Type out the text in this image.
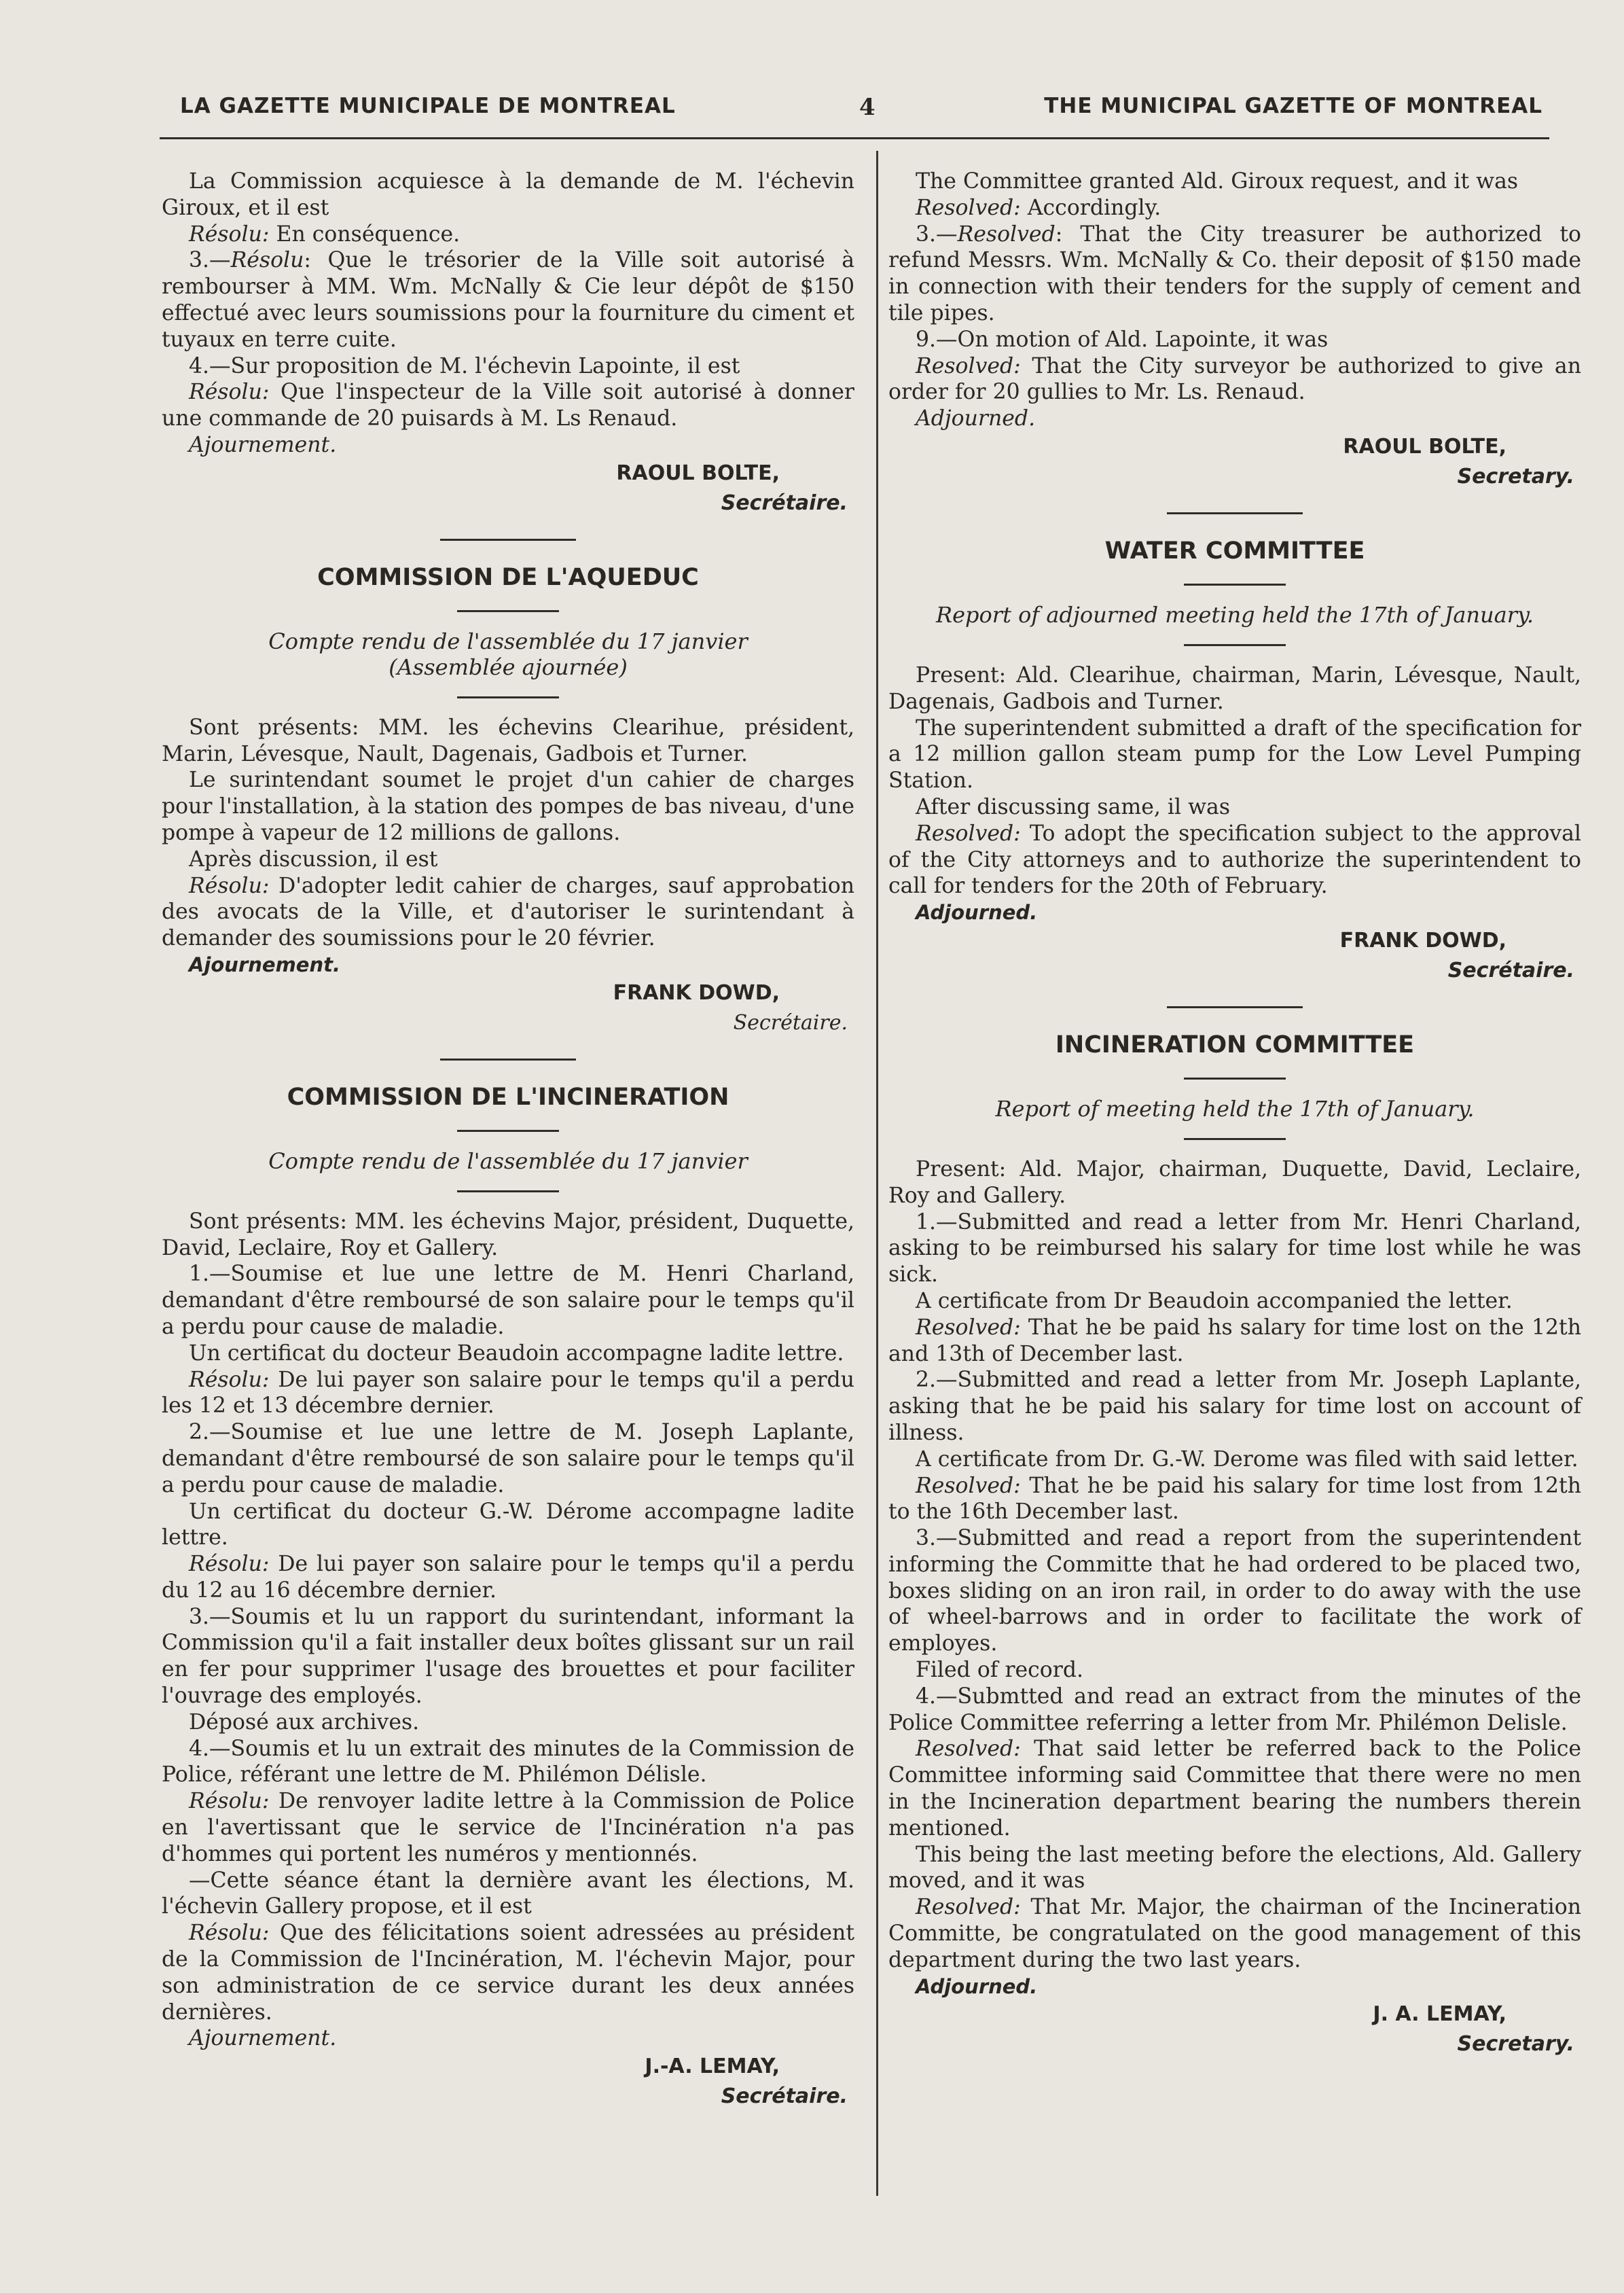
LA GAZETTE MUNICIPALE DE MONTREAL	4	THE MUNICIPAL GAZETTE OF MONTREAL

La Commission acquiesce à la demande de M. l'échevin Giroux, et il est

Résolu: En conséquence.

3.—Résolu: Que le trésorier de la Ville soit autorisé à rembourser à MM. Wm. McNally & Cie leur dépôt de $150 effectué avec leurs soumissions pour la fourniture du ciment et tuyaux en terre cuite.

4.—Sur proposition de M. l'échevin Lapointe, il est

Résolu: Que l'inspecteur de la Ville soit autorisé à donner une commande de 20 puisards à M. Ls Renaud.

Ajournement.
RAOUL BOLTE,
Secrétaire.
COMMISSION DE L'AQUEDUC
Compte rendu de l'assemblée du 17 janvier
(Assemblée ajournée)

Sont présents: MM. les échevins Clearihue, président, Marin, Lévesque, Nault, Dagenais, Gadbois et Turner.

Le surintendant soumet le projet d'un cahier de charges pour l'installation, à la station des pompes de bas niveau, d'une pompe à vapeur de 12 millions de gallons.

Après discussion, il est

Résolu: D'adopter ledit cahier de charges, sauf approbation des avocats de la Ville, et d'autoriser le surintendant à demander des soumissions pour le 20 février.

Ajournement.
FRANK DOWD,
Secrétaire.
COMMISSION DE L'INCINERATION
Compte rendu de l'assemblée du 17 janvier

Sont présents: MM. les échevins Major, président, Duquette, David, Leclaire, Roy et Gallery.

1.—Soumise et lue une lettre de M. Henri Charland, demandant d'être remboursé de son salaire pour le temps qu'il a perdu pour cause de maladie.

Un certificat du docteur Beaudoin accompagne ladite lettre.

Résolu: De lui payer son salaire pour le temps qu'il a perdu les 12 et 13 décembre dernier.

2.—Soumise et lue une lettre de M. Joseph Laplante, demandant d'être remboursé de son salaire pour le temps qu'il a perdu pour cause de maladie.

Un certificat du docteur G.-W. Dérome accompagne ladite lettre.

Résolu: De lui payer son salaire pour le temps qu'il a perdu du 12 au 16 décembre dernier.

3.—Soumis et lu un rapport du surintendant, informant la Commission qu'il a fait installer deux boîtes glissant sur un rail en fer pour supprimer l'usage des brouettes et pour faciliter l'ouvrage des employés.

Déposé aux archives.

4.—Soumis et lu un extrait des minutes de la Commission de Police, référant une lettre de M. Philémon Délisle.

Résolu: De renvoyer ladite lettre à la Commission de Police en l'avertissant que le service de l'Incinération n'a pas d'hommes qui portent les numéros y mentionnés.

—Cette séance étant la dernière avant les élections, M. l'échevin Gallery propose, et il est

Résolu: Que des félicitations soient adressées au président de la Commission de l'Incinération, M. l'échevin Major, pour son administration de ce service durant les deux années dernières.

Ajournement.
J.-A. LEMAY,
Secrétaire.

The Committee granted Ald. Giroux request, and it was

Resolved: Accordingly.

3.—Resolved: That the City treasurer be authorized to refund Messrs. Wm. McNally & Co. their deposit of $150 made in connection with their tenders for the supply of cement and tile pipes.

9.—On motion of Ald. Lapointe, it was

Resolved: That the City surveyor be authorized to give an order for 20 gullies to Mr. Ls. Renaud.

Adjourned.
RAOUL BOLTE,
Secretary.
WATER COMMITTEE
Report of adjourned meeting held the 17th of January.

Present: Ald. Clearihue, chairman, Marin, Lévesque, Nault, Dagenais, Gadbois and Turner.

The superintendent submitted a draft of the specification for a 12 million gallon steam pump for the Low Level Pumping Station.

After discussing same, il was

Resolved: To adopt the specification subject to the approval of the City attorneys and to authorize the superintendent to call for tenders for the 20th of February.

Adjourned.
FRANK DOWD,
Secrétaire.
INCINERATION COMMITTEE
Report of meeting held the 17th of January.

Present: Ald. Major, chairman, Duquette, David, Leclaire, Roy and Gallery.

1.—Submitted and read a letter from Mr. Henri Charland, asking to be reimbursed his salary for time lost while he was sick.

A certificate from Dr Beaudoin accompanied the letter.

Resolved: That he be paid hs salary for time lost on the 12th and 13th of December last.

2.—Submitted and read a letter from Mr. Joseph Laplante, asking that he be paid his salary for time lost on account of illness.

A certificate from Dr. G.-W. Derome was filed with said letter.

Resolved: That he be paid his salary for time lost from 12th to the 16th December last.

3.—Submitted and read a report from the superintendent informing the Committe that he had ordered to be placed two, boxes sliding on an iron rail, in order to do away with the use of wheel-barrows and in order to facilitate the work of employes.

Filed of record.

4.—Submtted and read an extract from the minutes of the Police Committee referring a letter from Mr. Philémon Delisle.

Resolved: That said letter be referred back to the Police Committee informing said Committee that there were no men in the Incineration department bearing the numbers therein mentioned.

This being the last meeting before the elections, Ald. Gallery moved, and it was

Resolved: That Mr. Major, the chairman of the Incineration Committe, be congratulated on the good management of this department during the two last years.

Adjourned.
J. A. LEMAY,
Secretary.
